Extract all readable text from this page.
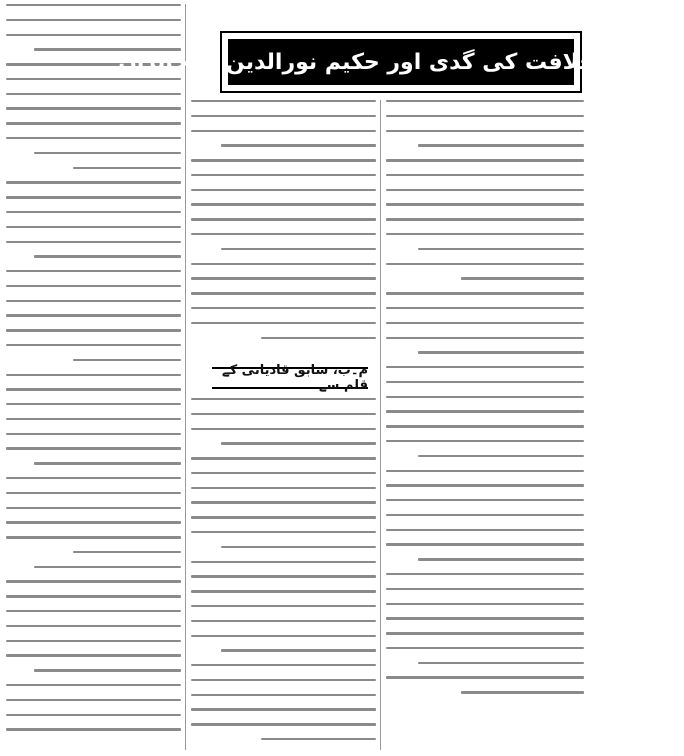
قادیانی خلافت کی گدی اور حکیم نورالدین کا خاندان
م۔ب، سابق قادیانی کے قلم سے
